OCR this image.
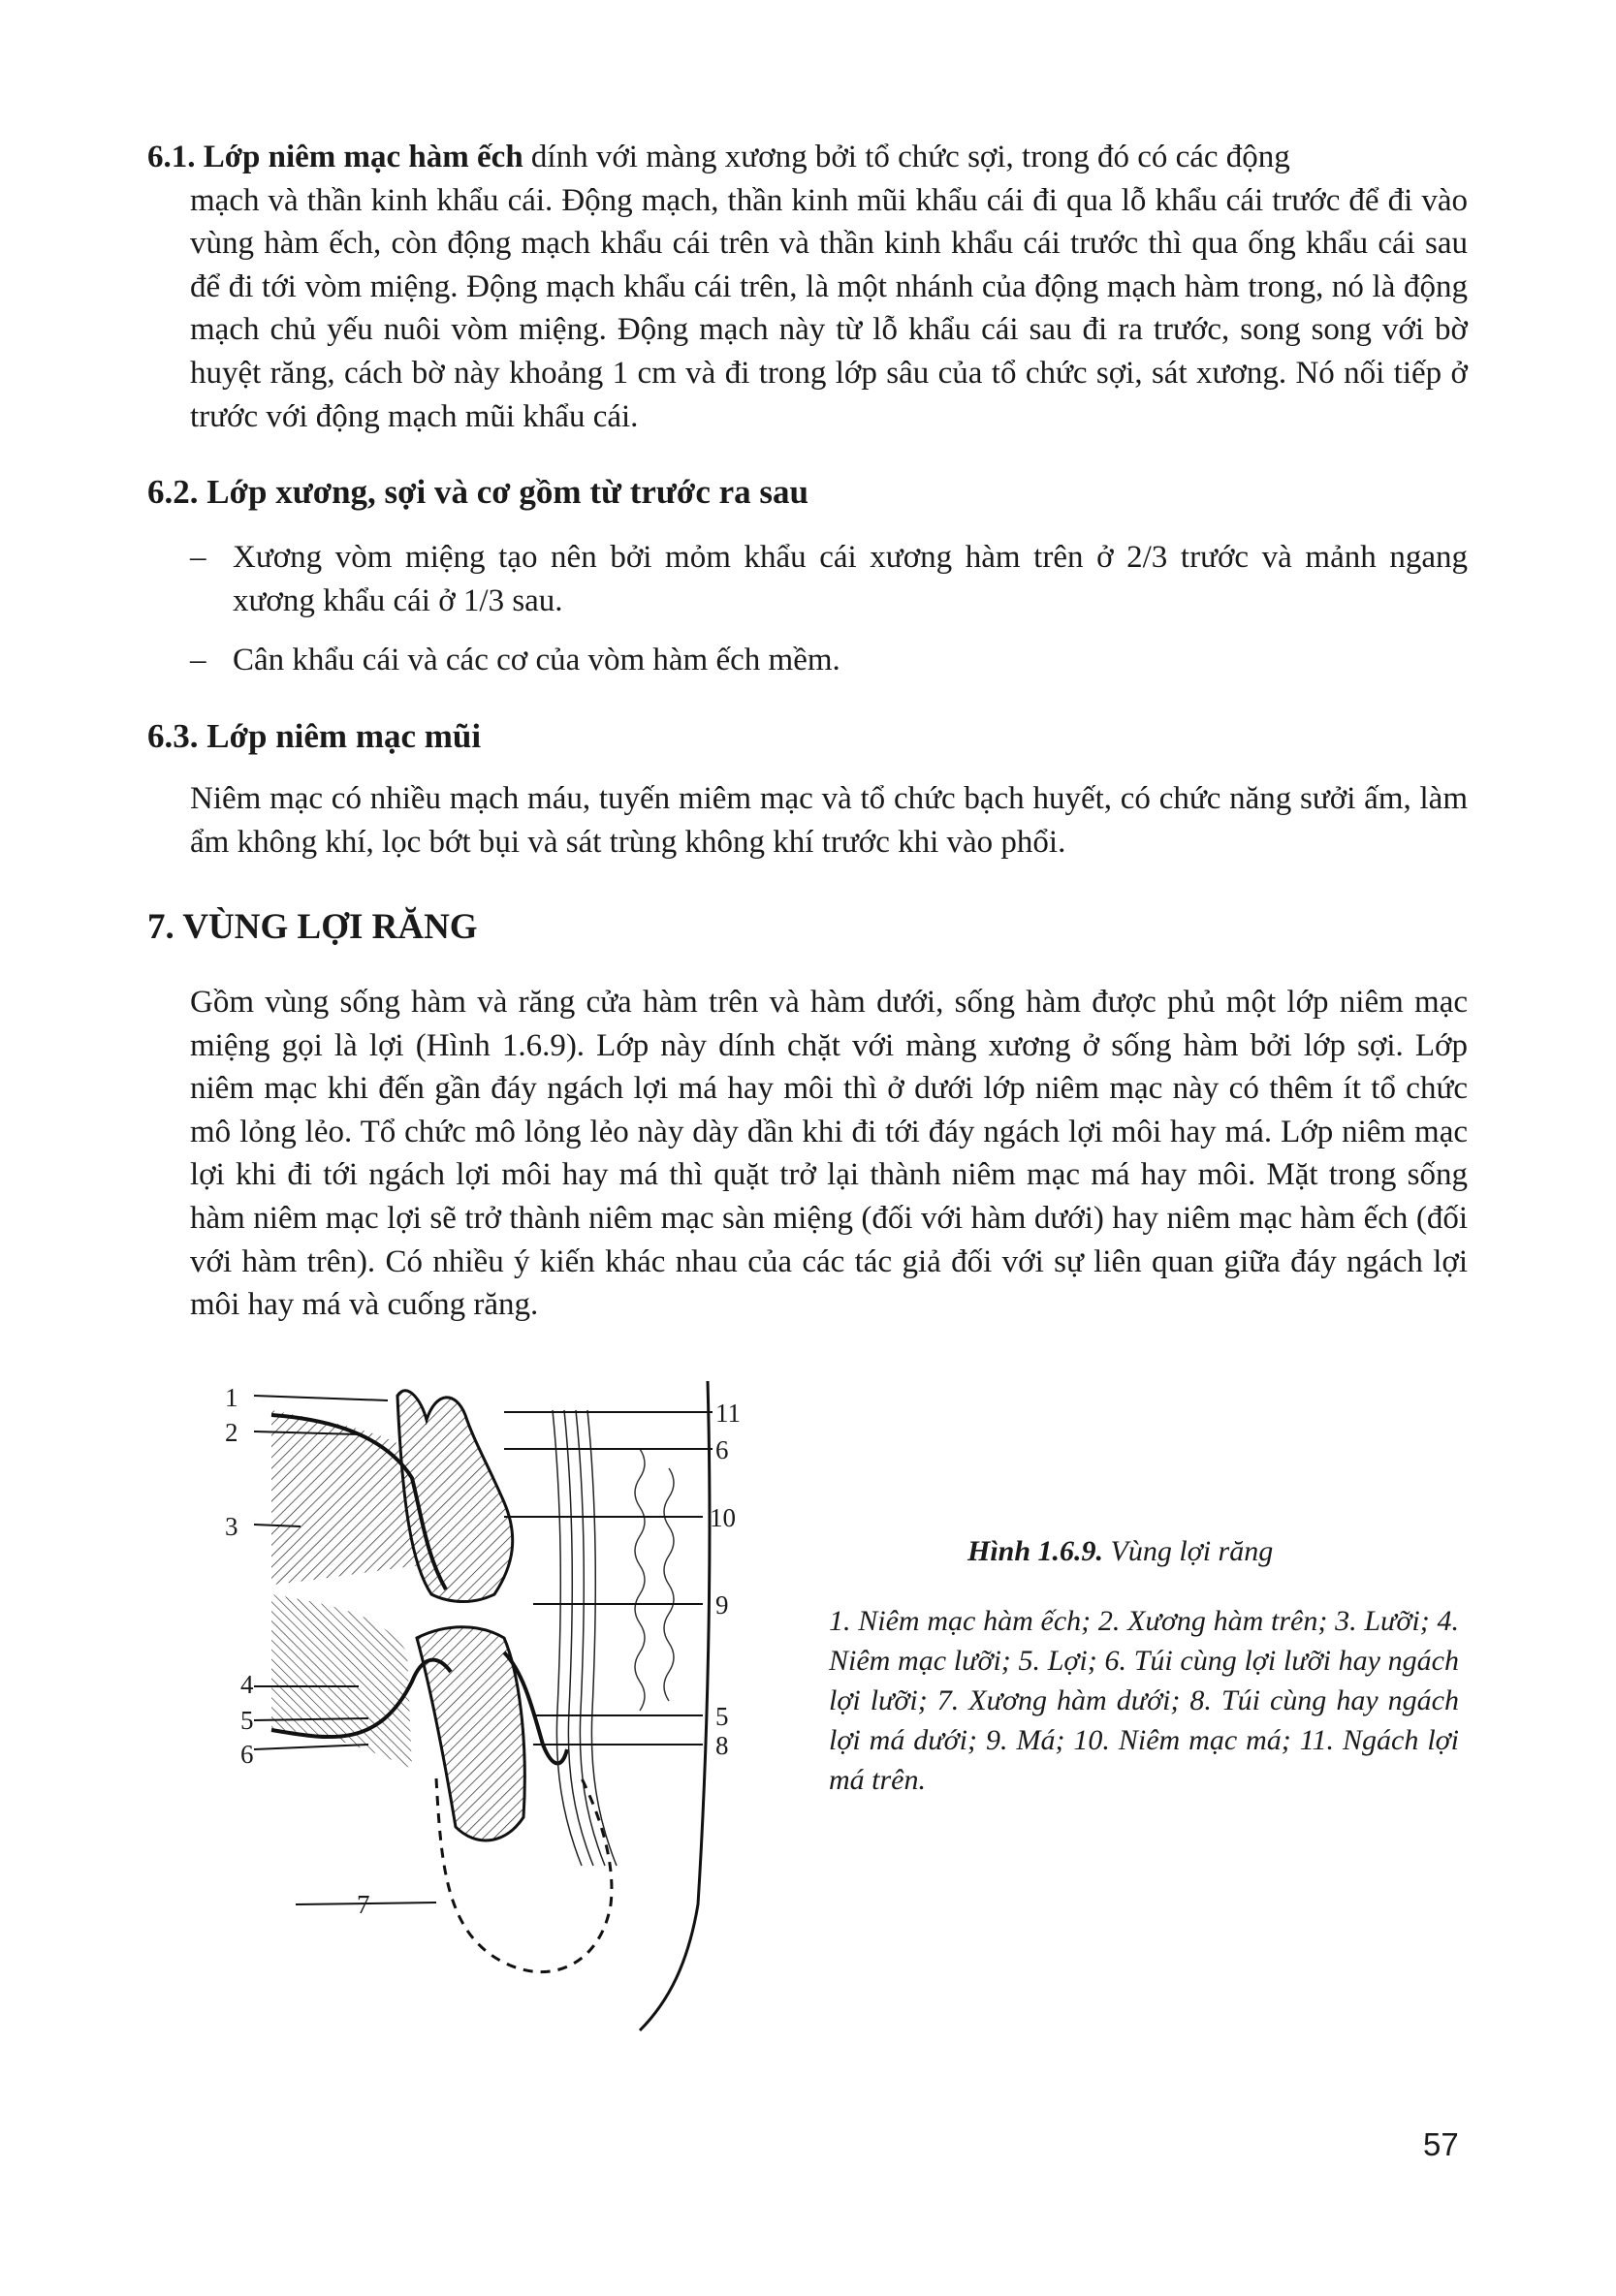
6.1. Lớp niêm mạc hàm ếch dính với màng xương bởi tổ chức sợi, trong đó có các động
mạch và thần kinh khẩu cái. Động mạch, thần kinh mũi khẩu cái đi qua lỗ khẩu cái trước để đi vào vùng hàm ếch, còn động mạch khẩu cái trên và thần kinh khẩu cái trước thì qua ống khẩu cái sau để đi tới vòm miệng. Động mạch khẩu cái trên, là một nhánh của động mạch hàm trong, nó là động mạch chủ yếu nuôi vòm miệng. Động mạch này từ lỗ khẩu cái sau đi ra trước, song song với bờ huyệt răng, cách bờ này khoảng 1 cm và đi trong lớp sâu của tổ chức sợi, sát xương. Nó nối tiếp ở trước với động mạch mũi khẩu cái.
6.2. Lớp xương, sợi và cơ gồm từ trước ra sau
– Xương vòm miệng tạo nên bởi mỏm khẩu cái xương hàm trên ở 2/3 trước và mảnh ngang xương khẩu cái ở 1/3 sau.
– Cân khẩu cái và các cơ của vòm hàm ếch mềm.
6.3. Lớp niêm mạc mũi
Niêm mạc có nhiều mạch máu, tuyến miêm mạc và tổ chức bạch huyết, có chức năng sưởi ấm, làm ẩm không khí, lọc bớt bụi và sát trùng không khí trước khi vào phổi.
7. VÙNG LỢI RĂNG
Gồm vùng sống hàm và răng cửa hàm trên và hàm dưới, sống hàm được phủ một lớp niêm mạc miệng gọi là lợi (Hình 1.6.9). Lớp này dính chặt với màng xương ở sống hàm bởi lớp sợi. Lớp niêm mạc khi đến gần đáy ngách lợi má hay môi thì ở dưới lớp niêm mạc này có thêm ít tổ chức mô lỏng lẻo. Tổ chức mô lỏng lẻo này dày dần khi đi tới đáy ngách lợi môi hay má. Lớp niêm mạc lợi khi đi tới ngách lợi môi hay má thì quặt trở lại thành niêm mạc má hay môi. Mặt trong sống hàm niêm mạc lợi sẽ trở thành niêm mạc sàn miệng (đối với hàm dưới) hay niêm mạc hàm ếch (đối với hàm trên). Có nhiều ý kiến khác nhau của các tác giả đối với sự liên quan giữa đáy ngách lợi môi hay má và cuống răng.
1
2
3
4
5
6
7
11
6
10
9
5
8
Hình 1.6.9. Vùng lợi răng
1. Niêm mạc hàm ếch; 2. Xương hàm trên; 3. Lưỡi; 4. Niêm mạc lưỡi; 5. Lợi; 6. Túi cùng lợi lưỡi hay ngách lợi lưỡi; 7. Xương hàm dưới; 8. Túi cùng hay ngách lợi má dưới; 9. Má; 10. Niêm mạc má; 11. Ngách lợi má trên.
57
